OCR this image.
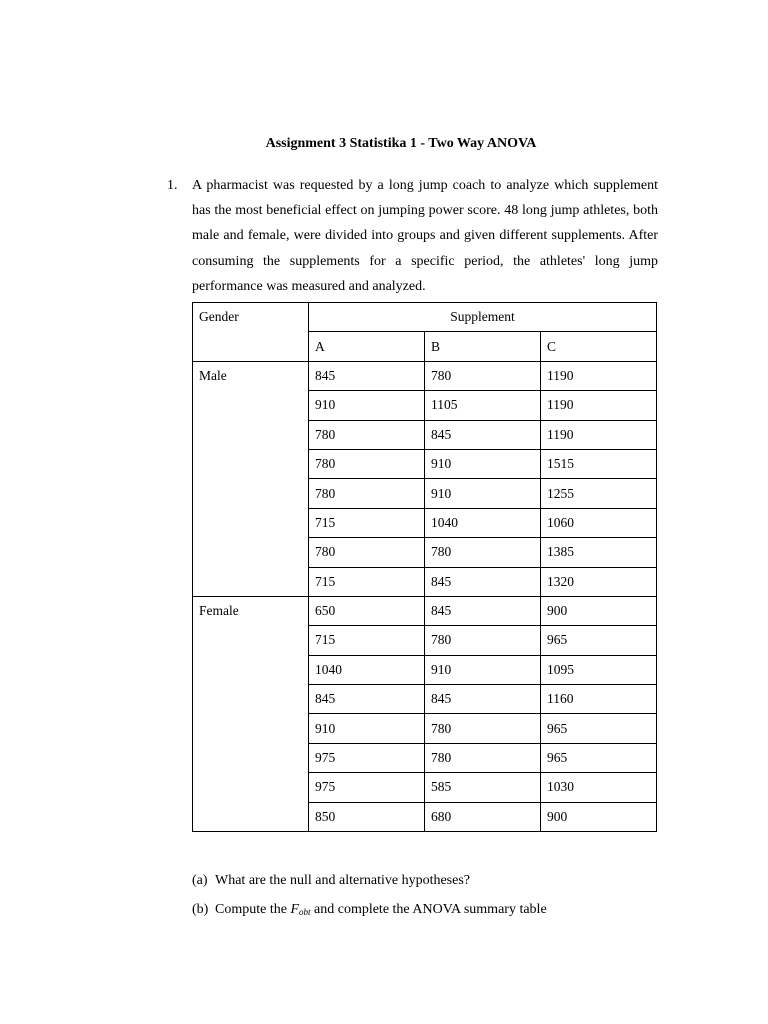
Assignment 3 Statistika 1 - Two Way ANOVA
1. A pharmacist was requested by a long jump coach to analyze which supplement has the most beneficial effect on jumping power score. 48 long jump athletes, both male and female, were divided into groups and given different supplements. After consuming the supplements for a specific period, the athletes' long jump performance was measured and analyzed.

Gender	Supplement		
	A	B	C
Male	845	780	1190
	910	1105	1190
	780	845	1190
	780	910	1515
	780	910	1255
	715	1040	1060
	780	780	1385
	715	845	1320
Female	650	845	900
	715	780	965
	1040	910	1095
	845	845	1160
	910	780	965
	975	780	965
	975	585	1030
	850	680	900

(a) What are the null and alternative hypotheses?

(b) Compute the Fobt and complete the ANOVA summary table
